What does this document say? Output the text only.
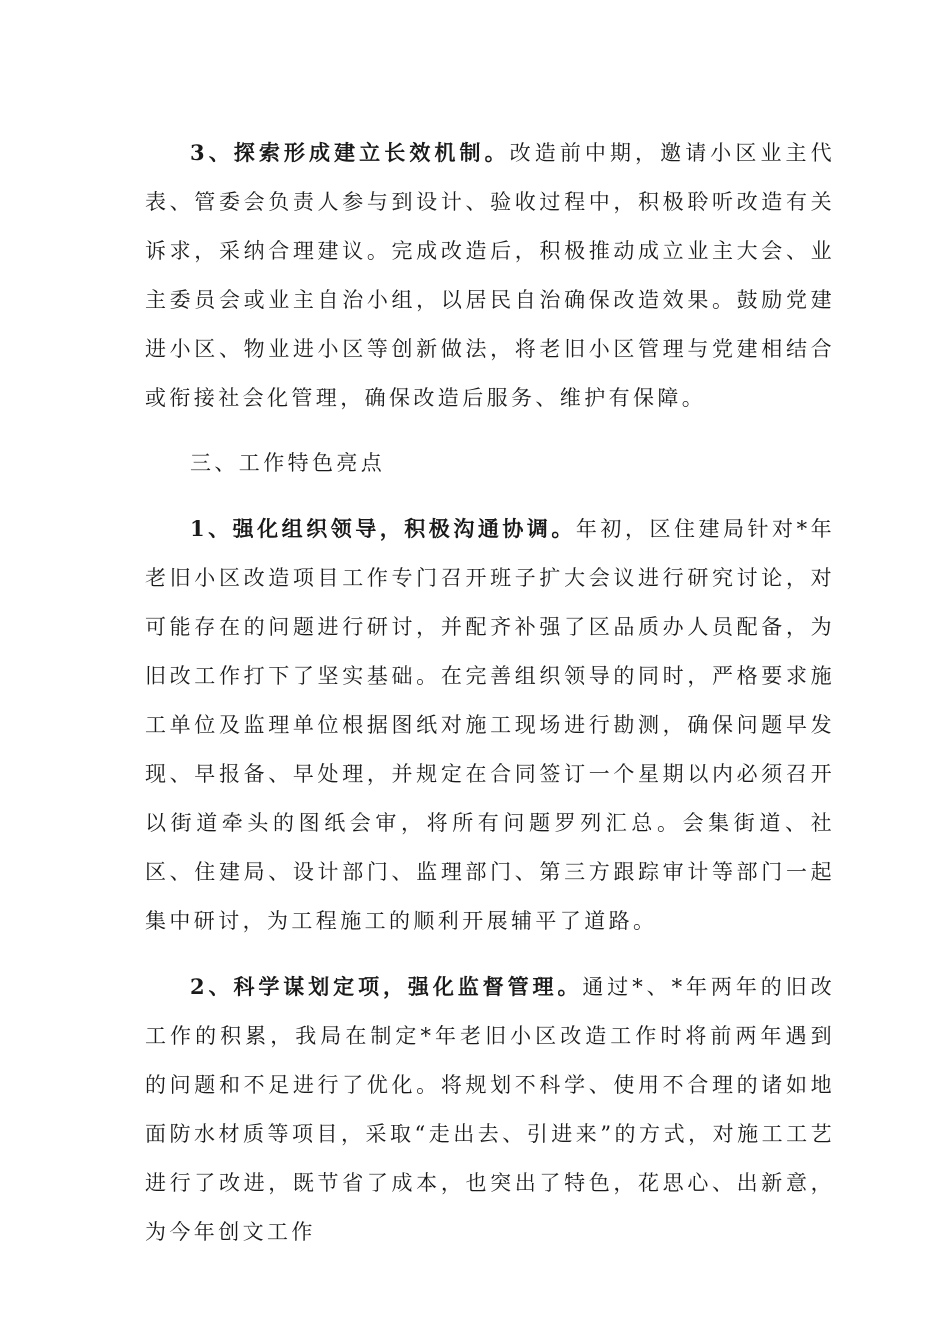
3、探索形成建立长效机制。改造前中期，邀请小区业主代表、管委会负责人参与到设计、验收过程中，积极聆听改造有关诉求，采纳合理建议。完成改造后，积极推动成立业主大会、业主委员会或业主自治小组，以居民自治确保改造效果。鼓励党建进小区、物业进小区等创新做法，将老旧小区管理与党建相结合或衔接社会化管理，确保改造后服务、维护有保障。

三、工作特色亮点

1、强化组织领导，积极沟通协调。年初，区住建局针对*年老旧小区改造项目工作专门召开班子扩大会议进行研究讨论，对可能存在的问题进行研讨，并配齐补强了区品质办人员配备，为旧改工作打下了坚实基础。在完善组织领导的同时，严格要求施工单位及监理单位根据图纸对施工现场进行勘测，确保问题早发现、早报备、早处理，并规定在合同签订一个星期以内必须召开以街道牵头的图纸会审，将所有问题罗列汇总。会集街道、社区、住建局、设计部门、监理部门、第三方跟踪审计等部门一起集中研讨，为工程施工的顺利开展辅平了道路。

2、科学谋划定项，强化监督管理。通过*、*年两年的旧改工作的积累，我局在制定*年老旧小区改造工作时将前两年遇到的问题和不足进行了优化。将规划不科学、使用不合理的诸如地面防水材质等项目，采取“走出去、引进来”的方式，对施工工艺进行了改进，既节省了成本，也突出了特色，花思心、出新意，为今年创文工作
